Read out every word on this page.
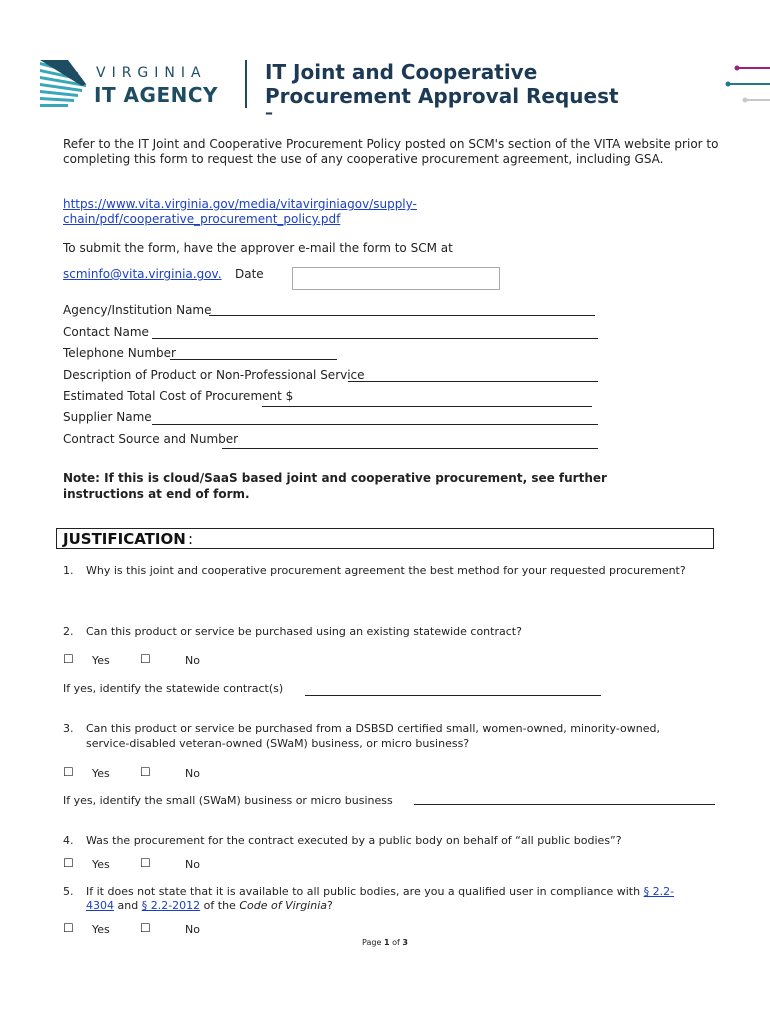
VIRGINIA
IT AGENCY
IT Joint and Cooperative
Procurement Approval Request
–
Refer to the IT Joint and Cooperative Procurement Policy posted on SCM's section of the VITA website prior to completing this form to request the use of any cooperative procurement agreement, including GSA.
https://www.vita.virginia.gov/media/vitavirginiagov/supply-
chain/pdf/cooperative_procurement_policy.pdf
To submit the form, have the approver e-mail the form to SCM at
scminfo@vita.virginia.gov. Date
Agency/Institution Name
Contact Name
Telephone Number
Description of Product or Non-Professional Service
Estimated Total Cost of Procurement $
Supplier Name
Contract Source and Number
Note: If this is cloud/SaaS based joint and cooperative procurement, see further
instructions at end of form.
JUSTIFICATION :
1. Why is this joint and cooperative procurement agreement the best method for your requested procurement?
2. Can this product or service be purchased using an existing statewide contract?
☐ Yes	☐	No
If yes, identify the statewide contract(s)
3. Can this product or service be purchased from a DSBSD certified small, women-owned, minority-owned,
service-disabled veteran-owned (SWaM) business, or micro business?
☐ Yes	☐	No
If yes, identify the small (SWaM) business or micro business
4. Was the procurement for the contract executed by a public body on behalf of “all public bodies”?
☐ Yes	☐	No
5. If it does not state that it is available to all public bodies, are you a qualified user in compliance with § 2.2-
4304 and § 2.2-2012 of the Code of Virginia?
☐ Yes	☐	No
Page 1 of 3
